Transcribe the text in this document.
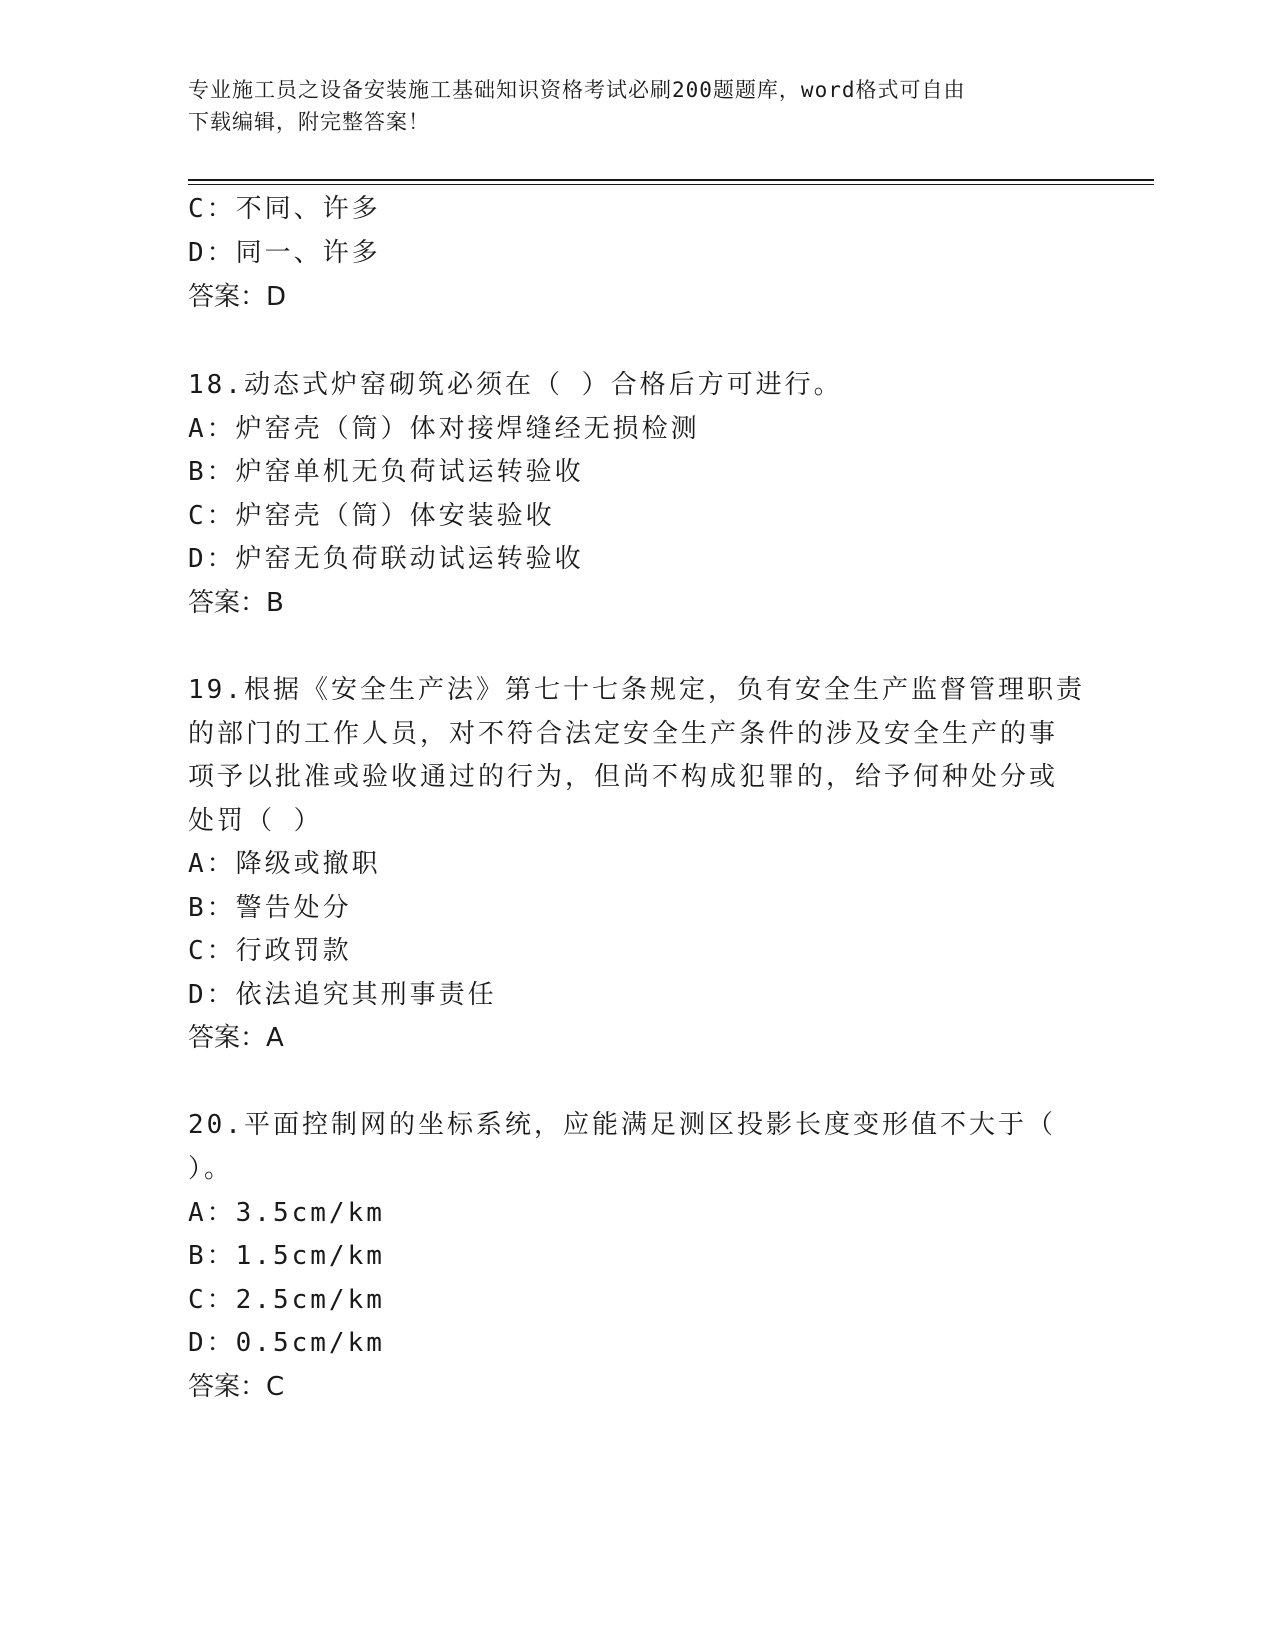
专业施工员之设备安装施工基础知识资格考试必刷200题题库，word格式可自由
下载编辑，附完整答案！
C：不同、许多
D：同一、许多
答案：D
18.动态式炉窑砌筑必须在（ ）合格后方可进行。
A：炉窑壳（筒）体对接焊缝经无损检测
B：炉窑单机无负荷试运转验收
C：炉窑壳（筒）体安装验收
D：炉窑无负荷联动试运转验收
答案：B
19.根据《安全生产法》第七十七条规定，负有安全生产监督管理职责
的部门的工作人员，对不符合法定安全生产条件的涉及安全生产的事
项予以批准或验收通过的行为，但尚不构成犯罪的，给予何种处分或
处罚（ ）
A：降级或撤职
B：警告处分
C：行政罚款
D：依法追究其刑事责任
答案：A
20.平面控制网的坐标系统，应能满足测区投影长度变形值不大于（
）。
A：3.5cm/km
B：1.5cm/km
C：2.5cm/km
D：0.5cm/km
答案：C
